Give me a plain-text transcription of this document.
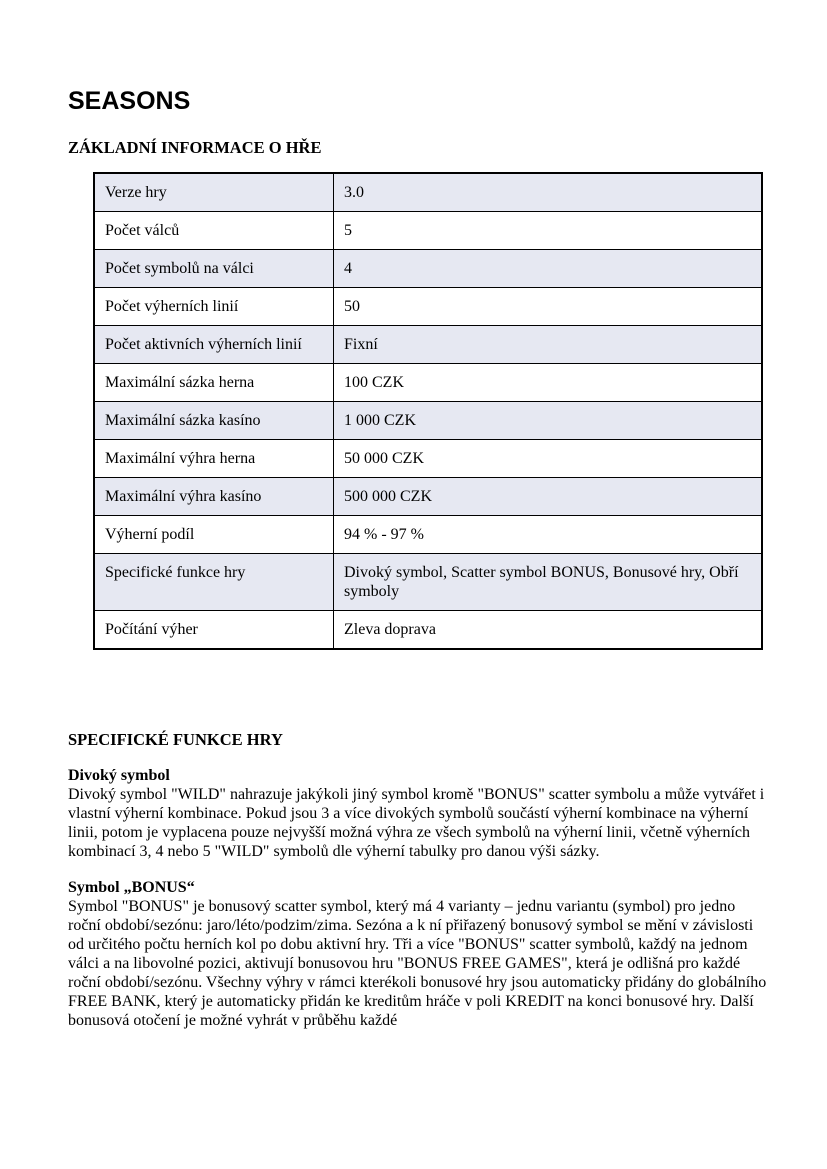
SEASONS
ZÁKLADNÍ INFORMACE O HŘE
Verze hry	3.0
Počet válců	5
Počet symbolů na válci	4
Počet výherních linií	50
Počet aktivních výherních linií	Fixní
Maximální sázka herna	100 CZK
Maximální sázka kasíno	1 000 CZK
Maximální výhra herna	50 000 CZK
Maximální výhra kasíno	500 000 CZK
Výherní podíl	94 % - 97 %
Specifické funkce hry	Divoký symbol, Scatter symbol BONUS, Bonusové hry, Obří symboly
Počítání výher	Zleva doprava
SPECIFICKÉ FUNKCE HRY

Divoký symbol

Divoký symbol "WILD" nahrazuje jakýkoli jiný symbol kromě "BONUS" scatter symbolu a může vytvářet i vlastní výherní kombinace. Pokud jsou 3 a více divokých symbolů součástí výherní kombinace na výherní linii, potom je vyplacena pouze nejvyšší možná výhra ze všech symbolů na výherní linii, včetně výherních kombinací 3, 4 nebo 5 "WILD" symbolů dle výherní tabulky pro danou výši sázky.

Symbol „BONUS“

Symbol "BONUS" je bonusový scatter symbol, který má 4 varianty – jednu variantu (symbol) pro jedno roční období/sezónu: jaro/léto/podzim/zima. Sezóna a k ní přiřazený bonusový symbol se mění v závislosti od určitého počtu herních kol po dobu aktivní hry. Tři a více "BONUS" scatter symbolů, každý na jednom válci a na libovolné pozici, aktivují bonusovou hru "BONUS FREE GAMES", která je odlišná pro každé roční období/sezónu. Všechny výhry v rámci kterékoli bonusové hry jsou automaticky přidány do globálního FREE BANK, který je automaticky přidán ke kreditům hráče v poli KREDIT na konci bonusové hry. Další bonusová otočení je možné vyhrát v průběhu každé
